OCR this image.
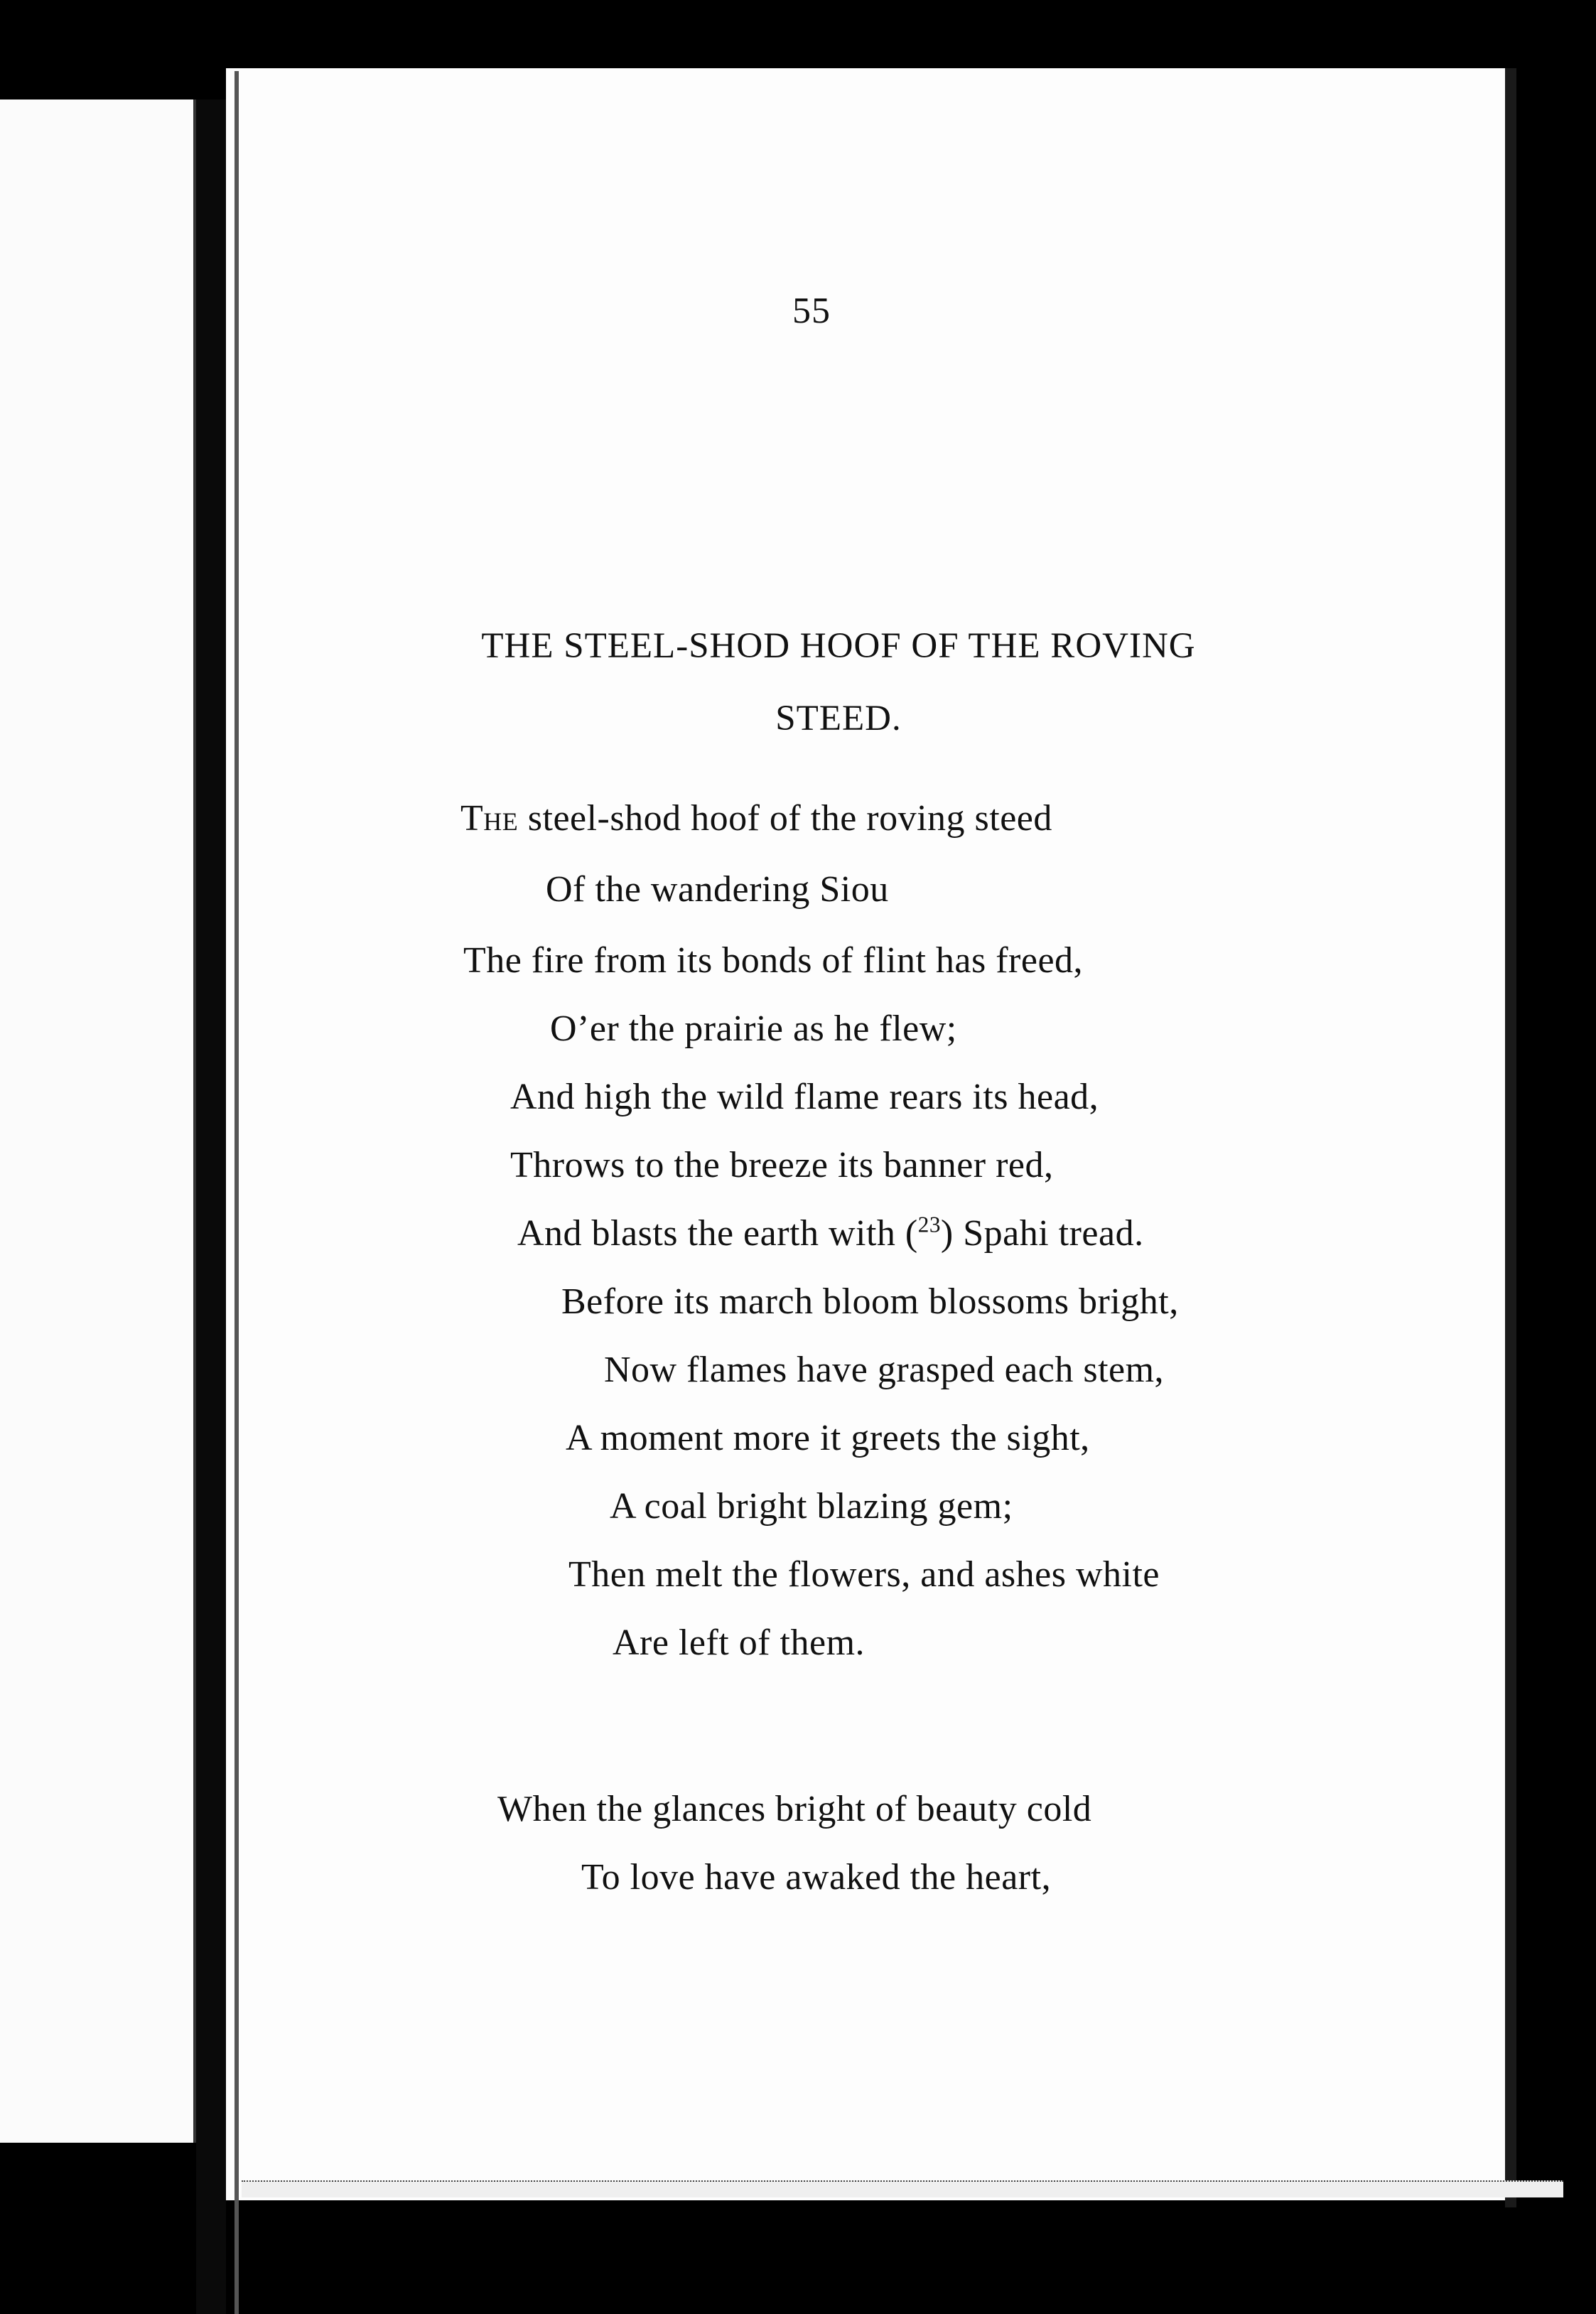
55
THE STEEL-SHOD HOOF OF THE ROVING
STEED.
The steel-shod hoof of the roving steed
Of the wandering Siou
The fire from its bonds of flint has freed,
O’er the prairie as he flew;
And high the wild flame rears its head,
Throws to the breeze its banner red,
And blasts the earth with ($^{23}$) Spahi tread.
Before its march bloom blossoms bright,
Now flames have grasped each stem,
A moment more it greets the sight,
A coal bright blazing gem;
Then melt the flowers, and ashes white
Are left of them.
When the glances bright of beauty cold
To love have awaked the heart,
